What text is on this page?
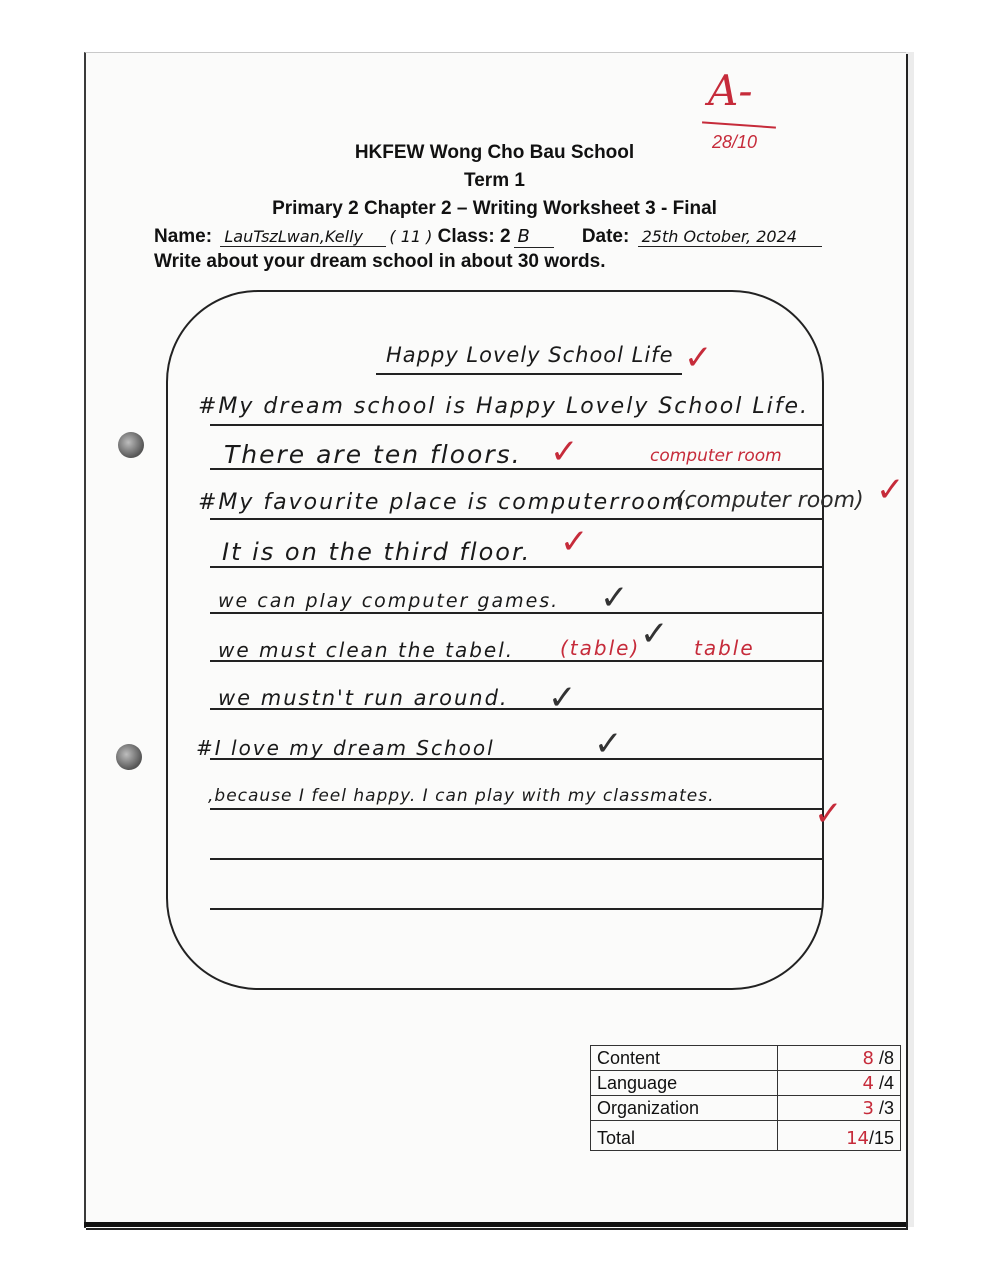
A-
28/10
HKFEW Wong Cho Bau School
Term 1
Primary 2 Chapter 2 – Writing Worksheet 3 - Final
Name: LauTszLwan,Kelly ( 11 ) Class: 2 B	Date: 25th October, 2024
Write about your dream school in about 30 words.
Happy Lovely School Life ✓
#My dream school is Happy Lovely School Life.
There are ten floors.
#My favourite place is computerroom.
It is on the third floor.
we can play computer games.
we must clean the tabel.
we mustn't run around.
#I love my dream School
,because I feel happy. I can play with my classmates.
computer room
(computer room)
(table)	table
✓
✓
✓
✓
✓
✓
✓
✓
Content	8 /8
Language	4 /4
Organization	3 /3
Total	14/15
